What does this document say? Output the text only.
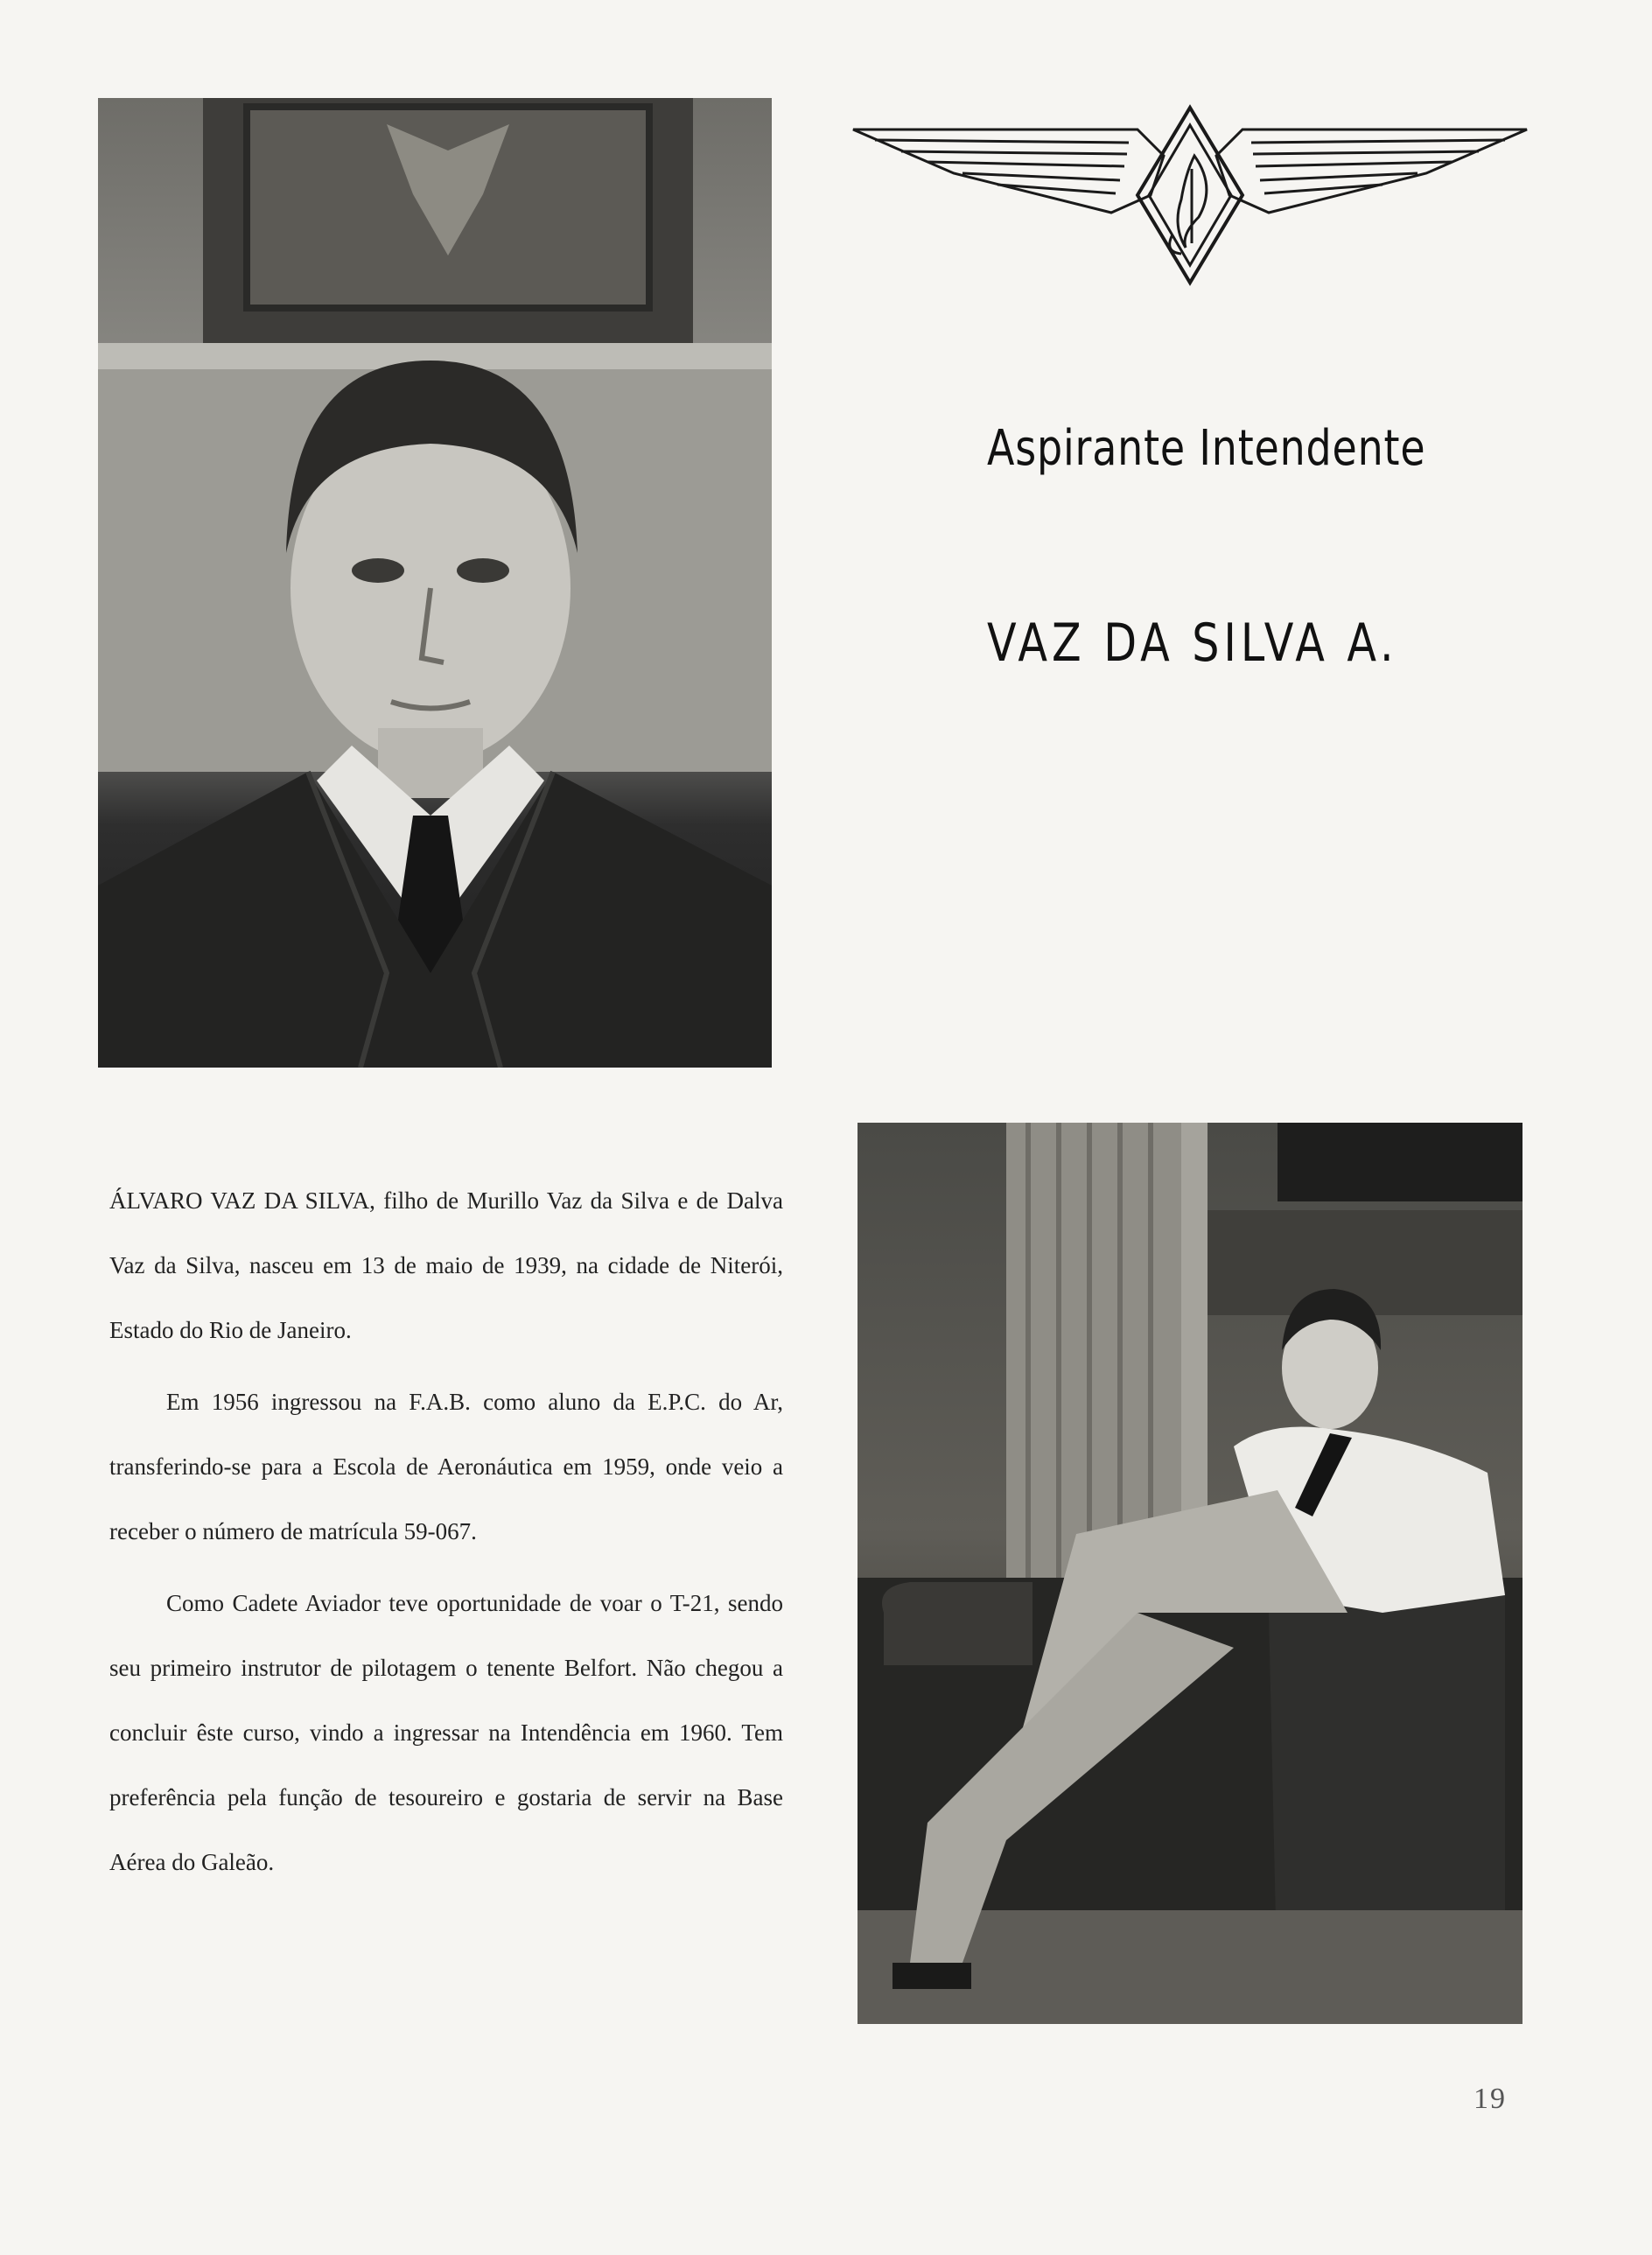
Aspirante Intendente
VAZ DA SILVA A.

ÁLVARO VAZ DA SILVA, filho de Murillo Vaz da Silva e de Dalva Vaz da Silva, nasceu em 13 de maio de 1939, na cidade de Niterói, Estado do Rio de Janeiro.

Em 1956 ingressou na F.A.B. como aluno da E.P.C. do Ar, transferindo-se para a Escola de Aeronáutica em 1959, onde veio a receber o número de matrícula 59-067.

Como Cadete Aviador teve oportunidade de voar o T-21, sendo seu primeiro instrutor de pilotagem o tenente Belfort. Não chegou a concluir êste curso, vindo a ingressar na Intendência em 1960. Tem preferência pela função de tesoureiro e gostaria de servir na Base Aérea do Galeão.

19
